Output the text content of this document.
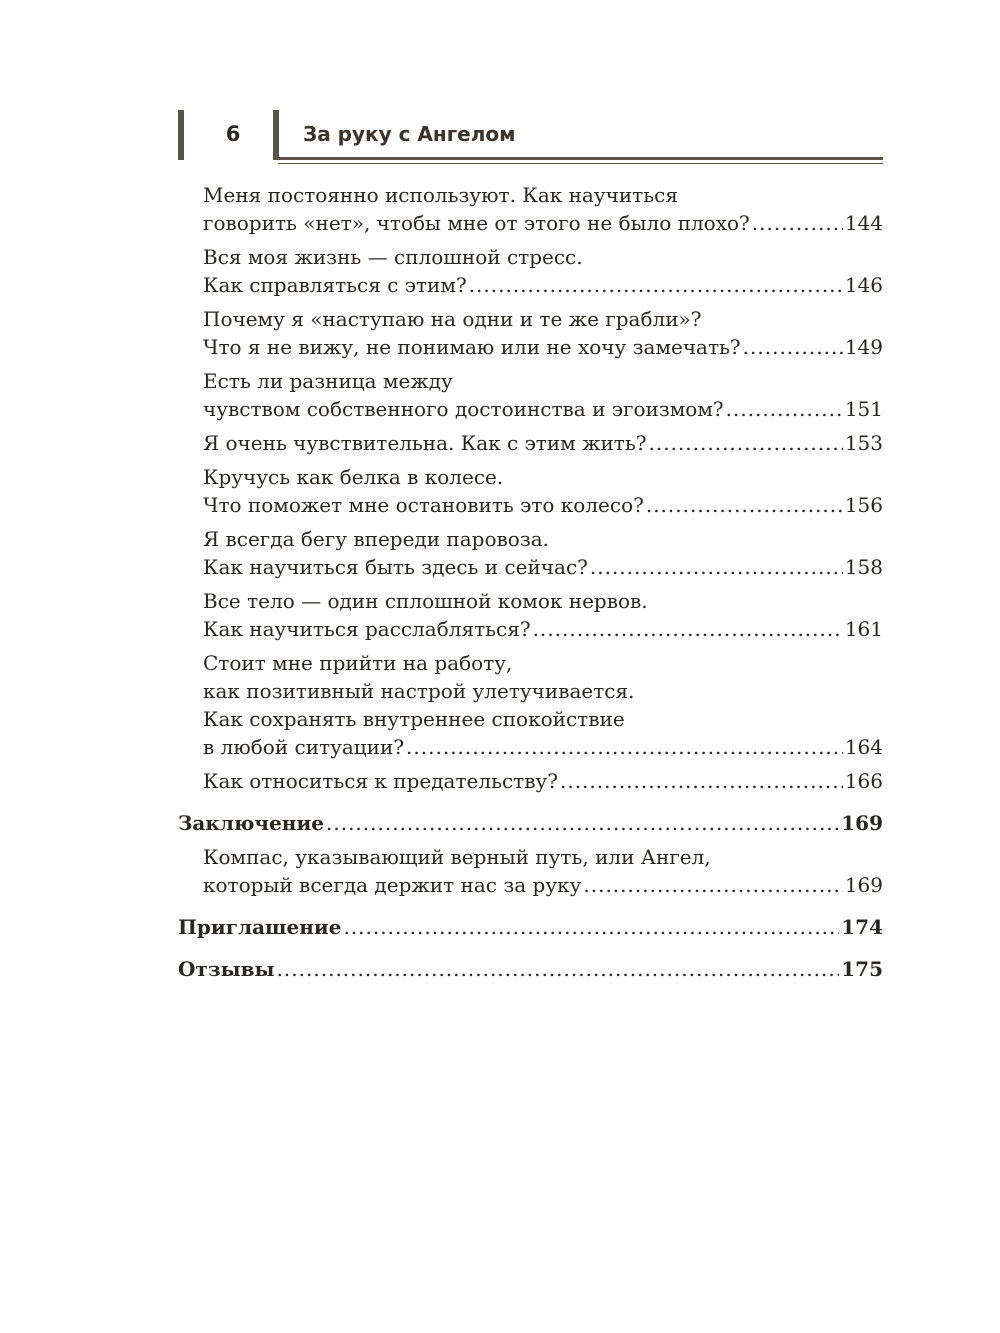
6	За руку с Ангелом
Меня постоянно используют. Как научиться
говорить «нет», чтобы мне от этого не было плохо? .....	144
Вся моя жизнь — сплошной стресс.
Как справляться с этим? .....	146
Почему я «наступаю на одни и те же грабли»?
Что я не вижу, не понимаю или не хочу замечать? .....	149
Есть ли разница между
чувством собственного достоинства и эгоизмом? .....	151
Я очень чувствительна. Как с этим жить? .....	153
Кручусь как белка в колесе.
Что поможет мне остановить это колесо? .....	156
Я всегда бегу впереди паровоза.
Как научиться быть здесь и сейчас? .....	158
Все тело — один сплошной комок нервов.
Как научиться расслабляться? .....	161
Стоит мне прийти на работу,
как позитивный настрой улетучивается.
Как сохранять внутреннее спокойствие
в любой ситуации? .....	164
Как относиться к предательству? .....	166
Заключение .....	169
Компас, указывающий верный путь, или Ангел,
который всегда держит нас за руку .....	169
Приглашение .....	174
Отзывы .....	175
